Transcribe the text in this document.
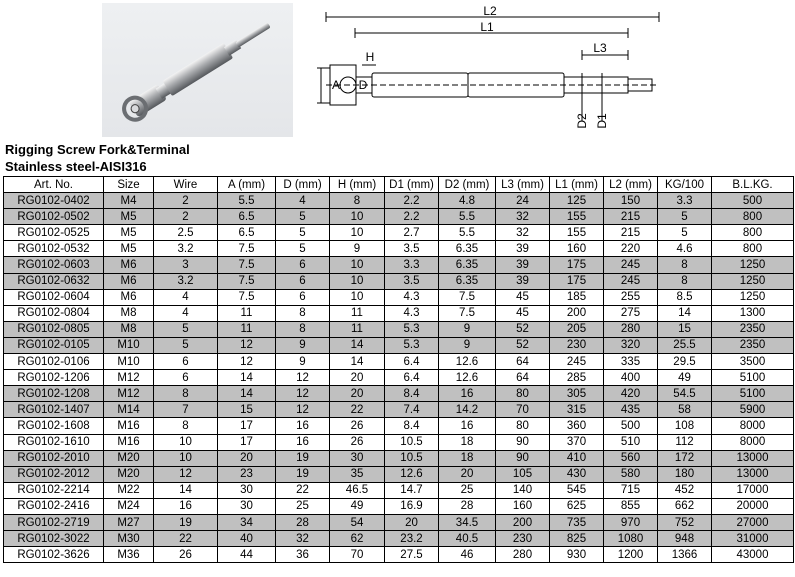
L2
L1
L3
H
A D
D2 D1
Rigging Screw Fork&Terminal
Stainless steel-AISI316
Art. No.	Size	Wire	A (mm)	D (mm)	H (mm)	D1 (mm)	D2 (mm)	L3 (mm)	L1 (mm)	L2 (mm)	KG/100	B.L.KG.
RG0102-0402	M4	2	5.5	4	8	2.2	4.8	24	125	150	3.3	500
RG0102-0502	M5	2	6.5	5	10	2.2	5.5	32	155	215	5	800
RG0102-0525	M5	2.5	6.5	5	10	2.7	5.5	32	155	215	5	800
RG0102-0532	M5	3.2	7.5	5	9	3.5	6.35	39	160	220	4.6	800
RG0102-0603	M6	3	7.5	6	10	3.3	6.35	39	175	245	8	1250
RG0102-0632	M6	3.2	7.5	6	10	3.5	6.35	39	175	245	8	1250
RG0102-0604	M6	4	7.5	6	10	4.3	7.5	45	185	255	8.5	1250
RG0102-0804	M8	4	11	8	11	4.3	7.5	45	200	275	14	1300
RG0102-0805	M8	5	11	8	11	5.3	9	52	205	280	15	2350
RG0102-0105	M10	5	12	9	14	5.3	9	52	230	320	25.5	2350
RG0102-0106	M10	6	12	9	14	6.4	12.6	64	245	335	29.5	3500
RG0102-1206	M12	6	14	12	20	6.4	12.6	64	285	400	49	5100
RG0102-1208	M12	8	14	12	20	8.4	16	80	305	420	54.5	5100
RG0102-1407	M14	7	15	12	22	7.4	14.2	70	315	435	58	5900
RG0102-1608	M16	8	17	16	26	8.4	16	80	360	500	108	8000
RG0102-1610	M16	10	17	16	26	10.5	18	90	370	510	112	8000
RG0102-2010	M20	10	20	19	30	10.5	18	90	410	560	172	13000
RG0102-2012	M20	12	23	19	35	12.6	20	105	430	580	180	13000
RG0102-2214	M22	14	30	22	46.5	14.7	25	140	545	715	452	17000
RG0102-2416	M24	16	30	25	49	16.9	28	160	625	855	662	20000
RG0102-2719	M27	19	34	28	54	20	34.5	200	735	970	752	27000
RG0102-3022	M30	22	40	32	62	23.2	40.5	230	825	1080	948	31000
RG0102-3626	M36	26	44	36	70	27.5	46	280	930	1200	1366	43000
